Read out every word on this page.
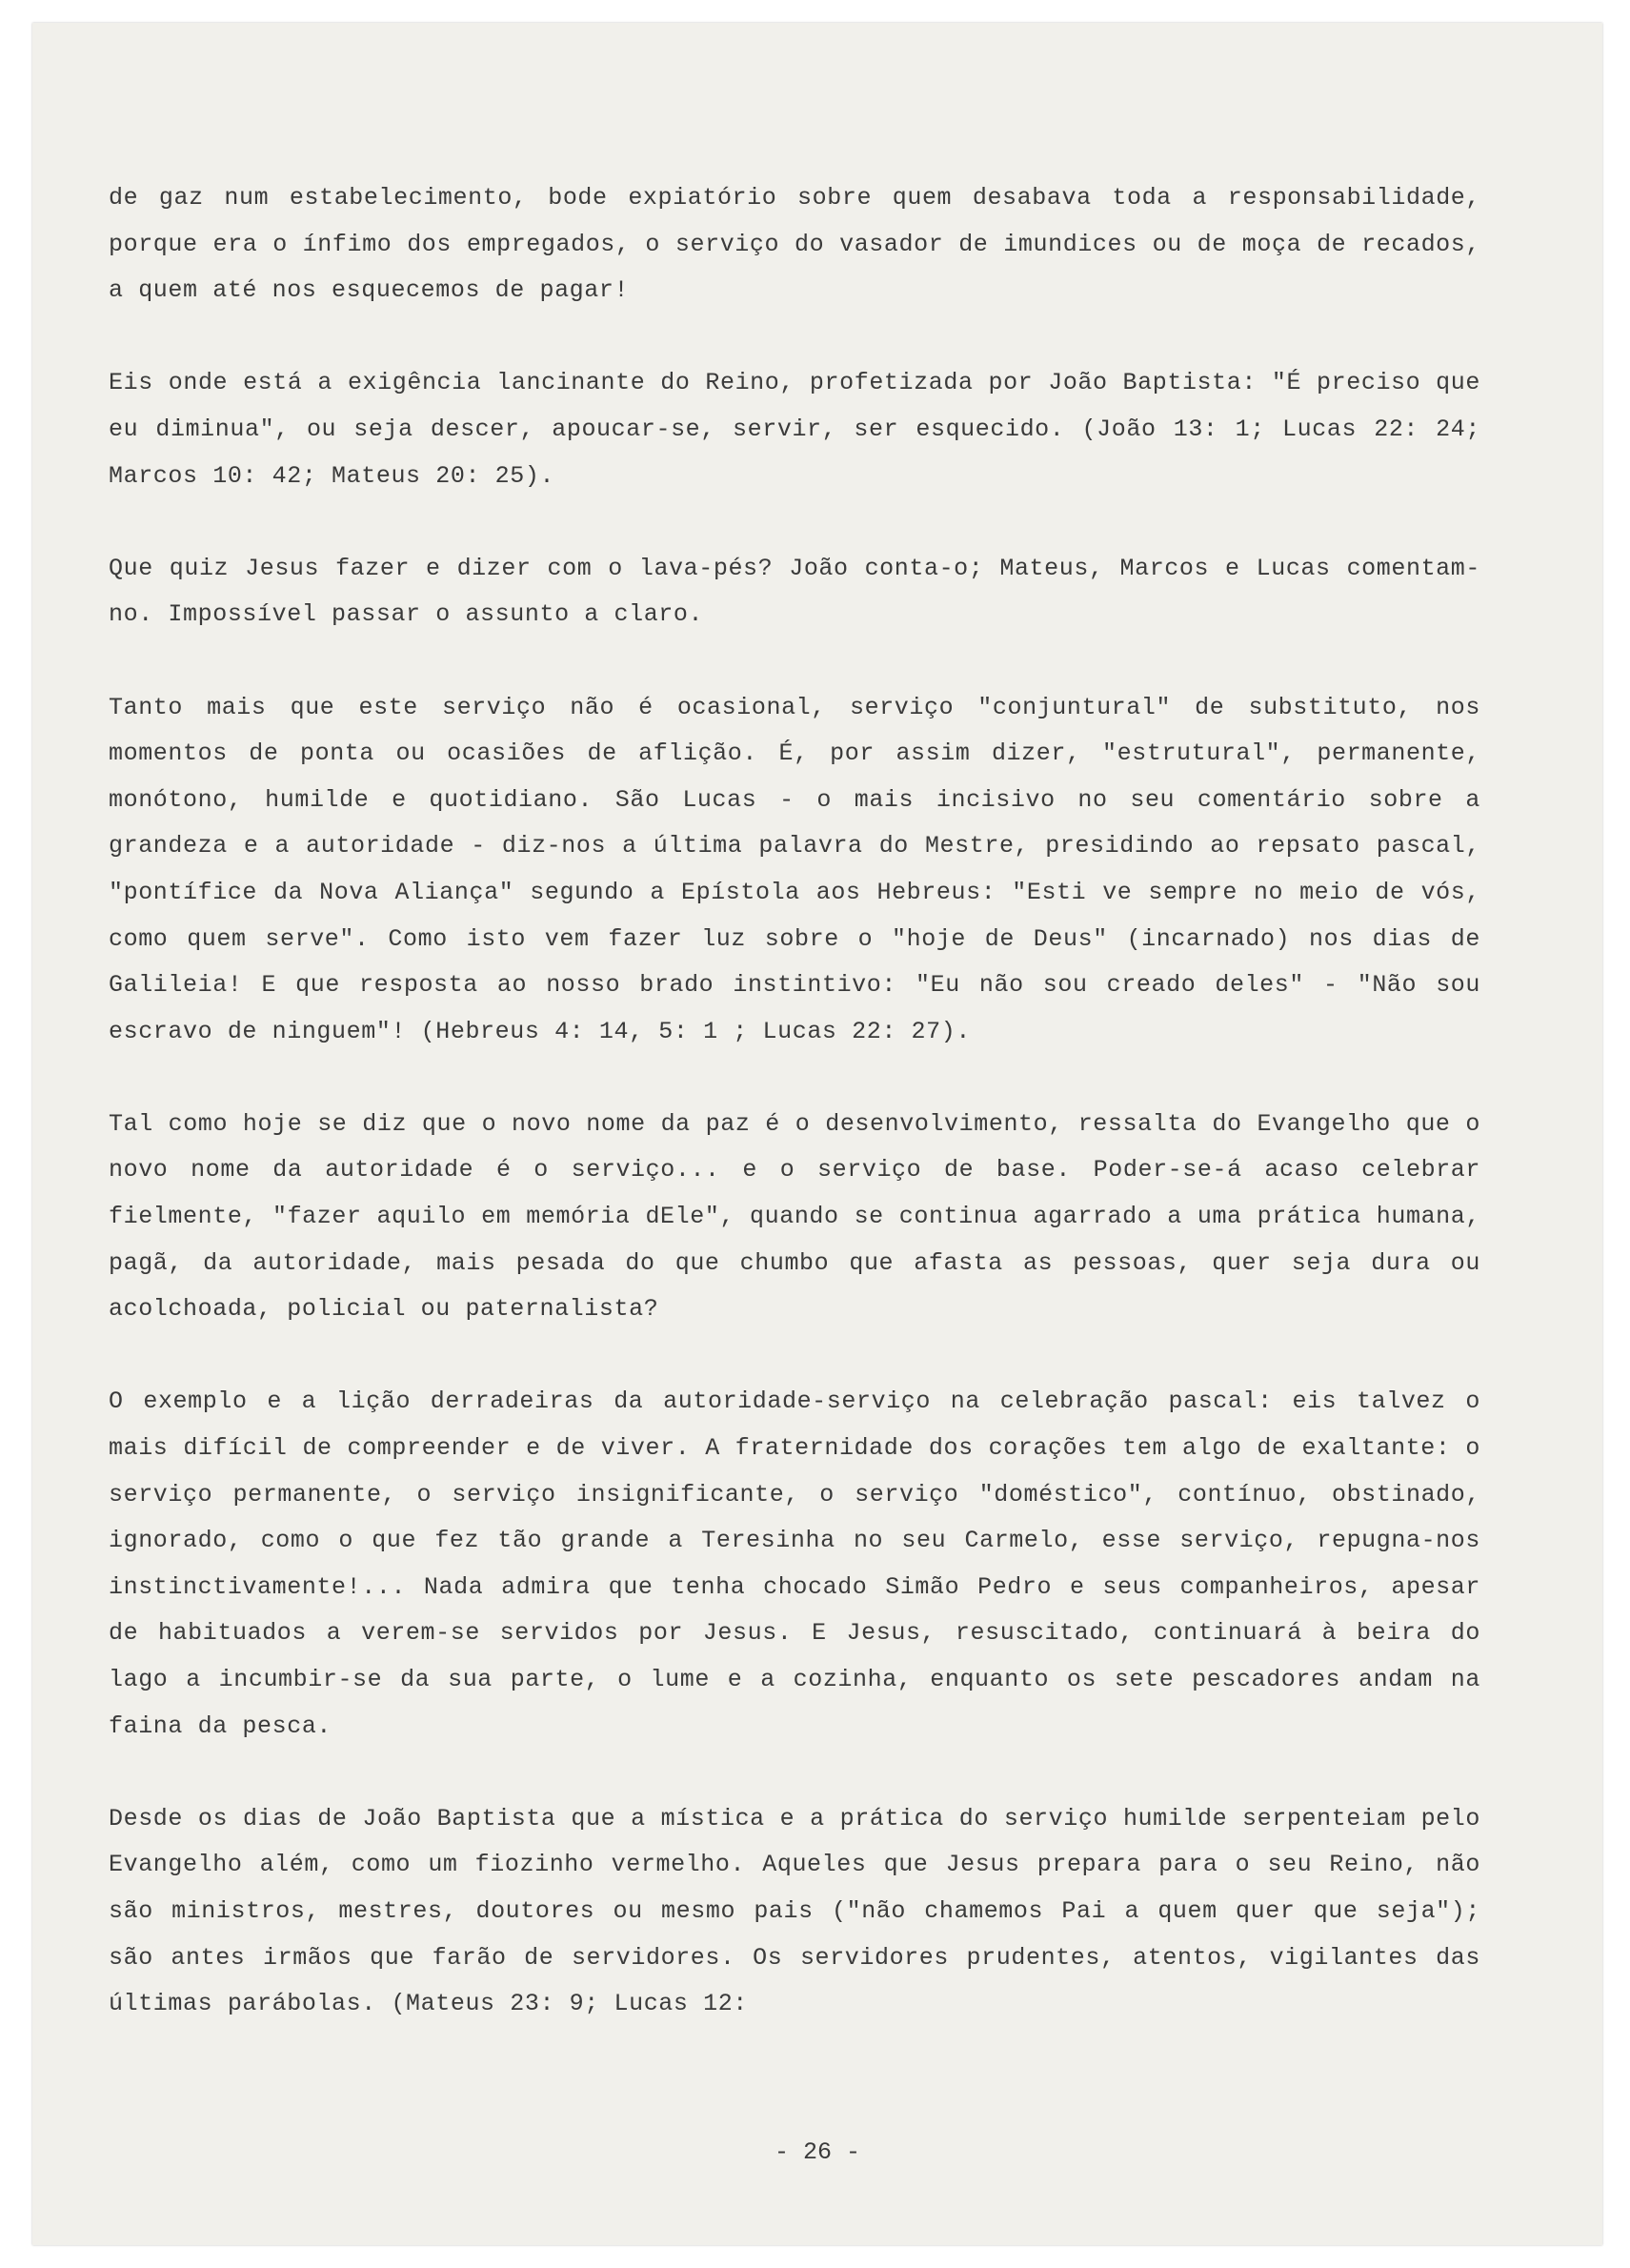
de gaz num estabelecimento, bode expiatório sobre quem desabava toda a responsabilidade, porque era o ínfimo dos empregados, o serviço do vasador de imundices ou de moça de recados, a quem até nos esquecemos de pagar!

Eis onde está a exigência lancinante do Reino, profetizada por João Baptista: "É preciso que eu diminua", ou seja descer, apoucar-se, servir, ser esquecido. (João 13: 1; Lucas 22: 24; Marcos 10: 42; Mateus 20: 25).

Que quiz Jesus fazer e dizer com o lava-pés? João conta-o; Mateus, Marcos e Lucas comentam-no. Impossível passar o assunto a claro.

Tanto mais que este serviço não é ocasional, serviço "conjuntural" de substituto, nos momentos de ponta ou ocasiões de aflição. É, por assim dizer, "estrutural", permanente, monótono, humilde e quotidiano. São Lucas - o mais incisivo no seu comentário sobre a grandeza e a autoridade - diz-nos a última palavra do Mestre, presidindo ao repsato pascal, "pontífice da Nova Aliança" segundo a Epístola aos Hebreus: "Esti ve sempre no meio de vós, como quem serve". Como isto vem fazer luz sobre o "hoje de Deus" (incarnado) nos dias de Galileia! E que resposta ao nosso brado instintivo: "Eu não sou creado deles" - "Não sou escravo de ninguem"! (Hebreus 4: 14, 5: 1 ; Lucas 22: 27).

Tal como hoje se diz que o novo nome da paz é o desenvolvimento, ressalta do Evangelho que o novo nome da autoridade é o serviço... e o serviço de base. Poder-se-á acaso celebrar fielmente, "fazer aquilo em memória dEle", quando se continua agarrado a uma prática humana, pagã, da autoridade, mais pesada do que chumbo que afasta as pessoas, quer seja dura ou acolchoada, policial ou paternalista?

O exemplo e a lição derradeiras da autoridade-serviço na celebração pascal: eis talvez o mais difícil de compreender e de viver. A fraternidade dos corações tem algo de exaltante: o serviço permanente, o serviço insignificante, o serviço "doméstico", contínuo, obstinado, ignorado, como o que fez tão grande a Teresinha no seu Carmelo, esse serviço, repugna-nos instinctivamente!... Nada admira que tenha chocado Simão Pedro e seus companheiros, apesar de habituados a verem-se servidos por Jesus. E Jesus, resuscitado, continuará à beira do lago a incumbir-se da sua parte, o lume e a cozinha, enquanto os sete pescadores andam na faina da pesca.

Desde os dias de João Baptista que a mística e a prática do serviço humilde serpenteiam pelo Evangelho além, como um fiozinho vermelho. Aqueles que Jesus prepara para o seu Reino, não são ministros, mestres, doutores ou mesmo pais ("não chamemos Pai a quem quer que seja"); são antes irmãos que farão de servidores. Os servidores prudentes, atentos, vigilantes das últimas parábolas. (Mateus 23: 9; Lucas 12:

- 26 -
